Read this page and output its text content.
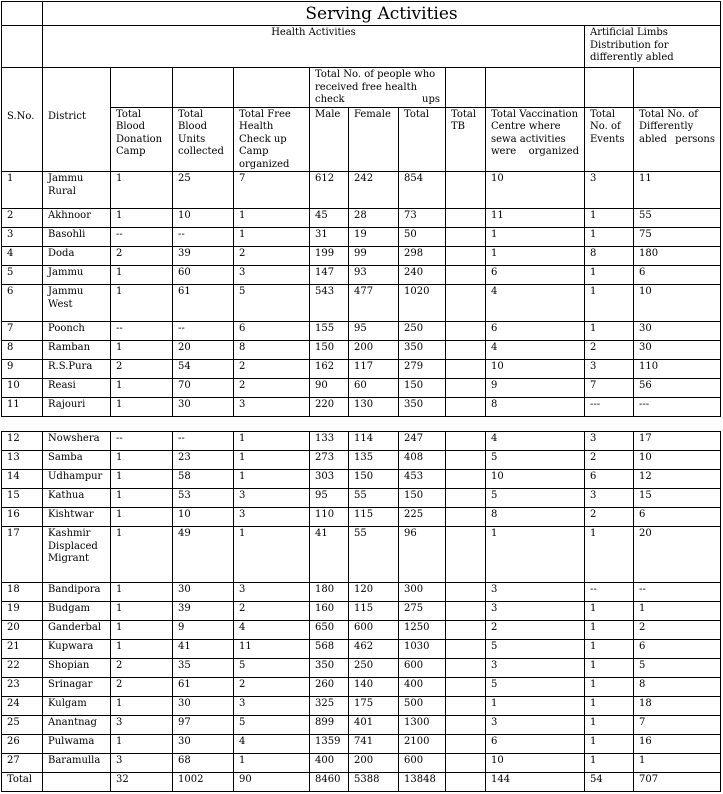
	Serving Activities										
	Health Activities									Artificial Limbs Distribution for differently abled	
S.No.	District				Total No. of people who received free health check ups						
		Total Blood Donation Camp	Total Blood Units collected	Total Free Health Check up Camp organized	Male	Female	Total	Total TB	Total Vaccination Centre where sewa activities were organized	Total No. of Events	Total No. of Differently abled persons
1	Jammu Rural	1	25	7	612	242	854		10	3	11
2	Akhnoor	1	10	1	45	28	73		11	1	55
3	Basohli	--	--	1	31	19	50		1	1	75
4	Doda	2	39	2	199	99	298		1	8	180
5	Jammu	1	60	3	147	93	240		6	1	6
6	Jammu West	1	61	5	543	477	1020		4	1	10
7	Poonch	--	--	6	155	95	250		6	1	30
8	Ramban	1	20	8	150	200	350		4	2	30
9	R.S.Pura	2	54	2	162	117	279		10	3	110
10	Reasi	1	70	2	90	60	150		9	7	56
11	Rajouri	1	30	3	220	130	350		8	---	---
12	Nowshera	--	--	1	133	114	247		4	3	17
13	Samba	1	23	1	273	135	408		5	2	10
14	Udhampur	1	58	1	303	150	453		10	6	12
15	Kathua	1	53	3	95	55	150		5	3	15
16	Kishtwar	1	10	3	110	115	225		8	2	6
17	Kashmir Displaced Migrant	1	49	1	41	55	96		1	1	20
18	Bandipora	1	30	3	180	120	300		3	--	--
19	Budgam	1	39	2	160	115	275		3	1	1
20	Ganderbal	1	9	4	650	600	1250		2	1	2
21	Kupwara	1	41	11	568	462	1030		5	1	6
22	Shopian	2	35	5	350	250	600		3	1	5
23	Srinagar	2	61	2	260	140	400		5	1	8
24	Kulgam	1	30	3	325	175	500		1	1	18
25	Anantnag	3	97	5	899	401	1300		3	1	7
26	Pulwama	1	30	4	1359	741	2100		6	1	16
27	Baramulla	3	68	1	400	200	600		10	1	1
Total		32	1002	90	8460	5388	13848		144	54	707
